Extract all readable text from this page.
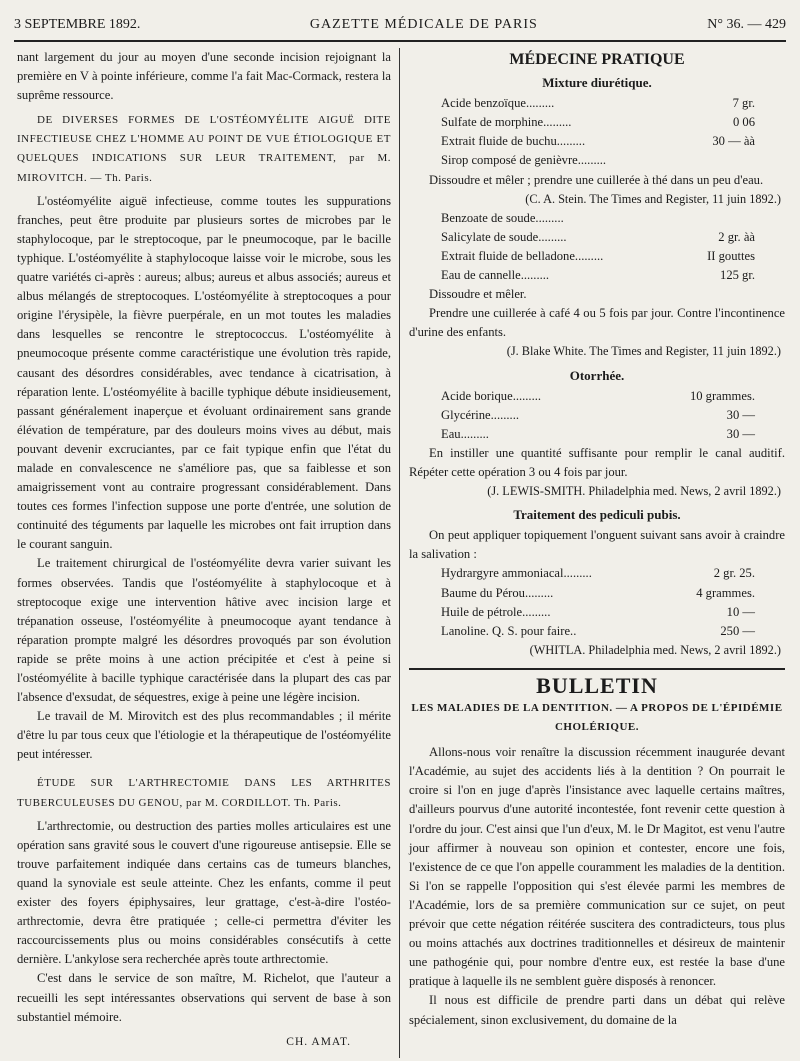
3 SEPTEMBRE 1892.	GAZETTE MÉDICALE DE PARIS	N° 36. — 429

nant largement du jour au moyen d'une seconde incision rejoignant la première en V à pointe inférieure, comme l'a fait Mac-Cormack, restera la suprême ressource.

DE DIVERSES FORMES DE L'OSTÉOMYÉLITE AIGUË DITE INFECTIEUSE CHEZ L'HOMME AU POINT DE VUE ÉTIOLOGIQUE ET QUELQUES INDICATIONS SUR LEUR TRAITEMENT, par M. MIROVITCH. — Th. Paris.

L'ostéomyélite aiguë infectieuse, comme toutes les suppurations franches, peut être produite par plusieurs sortes de microbes par le staphylocoque, par le streptocoque, par le pneumocoque, par le bacille typhique. L'ostéomyélite à staphylocoque laisse voir le microbe, sous les quatre variétés ci-après : aureus; albus; aureus et albus associés; aureus et albus mélangés de streptocoques. L'ostéomyélite à streptocoques a pour origine l'érysipèle, la fièvre puerpérale, en un mot toutes les maladies dans lesquelles se rencontre le streptococcus. L'ostéomyélite à pneumocoque présente comme caractéristique une évolution très rapide, causant des désordres considérables, avec tendance à cicatrisation, à réparation lente. L'ostéomyélite à bacille typhique débute insidieusement, passant généralement inaperçue et évoluant ordinairement sans grande élévation de température, par des douleurs moins vives au début, mais pouvant devenir excruciantes, par ce fait typique enfin que l'état du malade en convalescence ne s'améliore pas, que sa faiblesse et son amaigrissement vont au contraire progressant considérablement. Dans toutes ces formes l'infection suppose une porte d'entrée, une solution de continuité des téguments par laquelle les microbes ont fait irruption dans le courant sanguin.

Le traitement chirurgical de l'ostéomyélite devra varier suivant les formes observées. Tandis que l'ostéomyélite à staphylocoque et à streptocoque exige une intervention hâtive avec incision large et trépanation osseuse, l'ostéomyélite à pneumocoque ayant tendance à réparation prompte malgré les désordres provoqués par son évolution rapide se prête moins à une action précipitée et c'est à peine si l'ostéomyélite à bacille typhique caractérisée dans la plupart des cas par l'absence d'exsudat, de séquestres, exige à peine une légère incision.

Le travail de M. Mirovitch est des plus recommandables ; il mérite d'être lu par tous ceux que l'étiologie et la thérapeutique de l'ostéomyélite peut intéresser.

ÉTUDE SUR L'ARTHRECTOMIE DANS LES ARTHRITES TUBERCULEUSES DU GENOU, par M. CORDILLOT. Th. Paris.

L'arthrectomie, ou destruction des parties molles articulaires est une opération sans gravité sous le couvert d'une rigoureuse antisepsie. Elle se trouve parfaitement indiquée dans certains cas de tumeurs blanches, quand la synoviale est seule atteinte. Chez les enfants, comme il peut exister des foyers épiphysaires, leur grattage, c'est-à-dire l'ostéo-arthrectomie, devra être pratiquée ; celle-ci permettra d'éviter les raccourcissements plus ou moins considérables consécutifs à cette dernière. L'ankylose sera recherchée après toute arthrectomie.

C'est dans le service de son maître, M. Richelot, que l'auteur a recueilli les sept intéressantes observations qui servent de base à son substantiel mémoire.

CH. AMAT.

MÉDECINE PRATIQUE

Mixture diurétique.

Acide benzoïque.........	7 gr.
Sulfate de morphine.........	0 06
Extrait fluide de buchu.........	30 — àà
Sirop composé de genièvre.........

Dissoudre et mêler ; prendre une cuillerée à thé dans un peu d'eau.

(C. A. Stein. The Times and Register, 11 juin 1892.)

Benzoate de soude.........
Salicylate de soude.........	2 gr. àà
Extrait fluide de belladone.........	II gouttes
Eau de cannelle.........	125 gr.

Dissoudre et mêler.

Prendre une cuillerée à café 4 ou 5 fois par jour. Contre l'incontinence d'urine des enfants.

(J. Blake White. The Times and Register, 11 juin 1892.)

Otorrhée.

Acide borique.........	10 grammes.
Glycérine.........	30 —
Eau.........	30 —

En instiller une quantité suffisante pour remplir le canal auditif. Répéter cette opération 3 ou 4 fois par jour.

(J. LEWIS-SMITH. Philadelphia med. News, 2 avril 1892.)

Traitement des pediculi pubis.

On peut appliquer topiquement l'onguent suivant sans avoir à craindre la salivation :

Hydrargyre ammoniacal.........	2 gr. 25.
Baume du Pérou.........	4 grammes.
Huile de pétrole.........	10 —
Lanoline. Q. S. pour faire..	250 —

(WHITLA. Philadelphia med. News, 2 avril 1892.)

BULLETIN

LES MALADIES DE LA DENTITION. — A PROPOS DE L'ÉPIDÉMIE CHOLÉRIQUE.

Allons-nous voir renaître la discussion récemment inaugurée devant l'Académie, au sujet des accidents liés à la dentition ? On pourrait le croire si l'on en juge d'après l'insistance avec laquelle certains maîtres, d'ailleurs pourvus d'une autorité incontestée, font revenir cette question à l'ordre du jour. C'est ainsi que l'un d'eux, M. le Dr Magitot, est venu l'autre jour affirmer à nouveau son opinion et contester, encore une fois, l'existence de ce que l'on appelle couramment les maladies de la dentition. Si l'on se rappelle l'opposition qui s'est élevée parmi les membres de l'Académie, lors de sa première communication sur ce sujet, on peut prévoir que cette négation réitérée suscitera des contradicteurs, tous plus ou moins attachés aux doctrines traditionnelles et désireux de maintenir une pathogénie qui, pour nombre d'entre eux, est restée la base d'une pratique à laquelle ils ne semblent guère disposés à renoncer.

Il nous est difficile de prendre parti dans un débat qui relève spécialement, sinon exclusivement, du domaine de la
